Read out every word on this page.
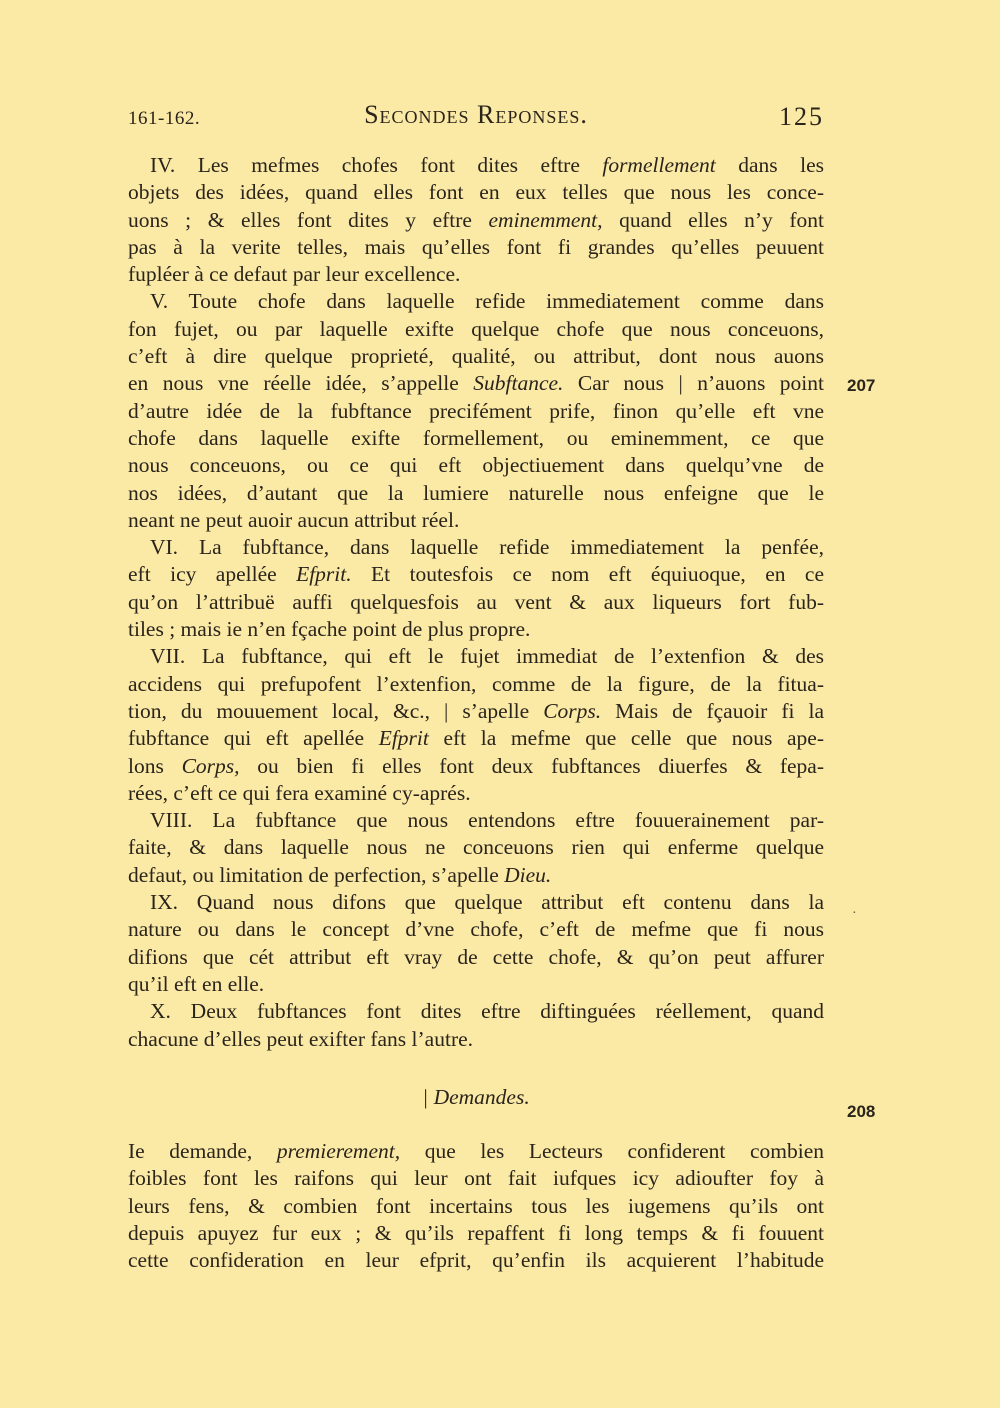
161-162.	Secondes Reponses.	125
IV. Les mefmes chofes font dites eftre formellement dans les
objets des idées, quand elles font en eux telles que nous les conce-
uons ; & elles font dites y eftre eminemment, quand elles n’y font
pas à la verite telles, mais qu’elles font fi grandes qu’elles peuuent
fupléer à ce defaut par leur excellence.
V. Toute chofe dans laquelle refide immediatement comme dans
fon fujet, ou par laquelle exifte quelque chofe que nous conceuons,
c’eft à dire quelque proprieté, qualité, ou attribut, dont nous auons
en nous vne réelle idée, s’appelle Subftance. Car nous | n’auons point
d’autre idée de la fubftance precifément prife, finon qu’elle eft vne
chofe dans laquelle exifte formellement, ou eminemment, ce que
nous conceuons, ou ce qui eft objectiuement dans quelqu’vne de
nos idées, d’autant que la lumiere naturelle nous enfeigne que le
neant ne peut auoir aucun attribut réel.
VI. La fubftance, dans laquelle refide immediatement la penfée,
eft icy apellée Efprit. Et toutesfois ce nom eft équiuoque, en ce
qu’on l’attribuë auffi quelquesfois au vent & aux liqueurs fort fub-
tiles ; mais ie n’en fçache point de plus propre.
VII. La fubftance, qui eft le fujet immediat de l’extenfion & des
accidens qui prefupofent l’extenfion, comme de la figure, de la fitua-
tion, du mouuement local, &c., | s’apelle Corps. Mais de fçauoir fi la
fubftance qui eft apellée Efprit eft la mefme que celle que nous ape-
lons Corps, ou bien fi elles font deux fubftances diuerfes & fepa-
rées, c’eft ce qui fera examiné cy-aprés.
VIII. La fubftance que nous entendons eftre fouuerainement par-
faite, & dans laquelle nous ne conceuons rien qui enferme quelque
defaut, ou limitation de perfection, s’apelle Dieu.
IX. Quand nous difons que quelque attribut eft contenu dans la
nature ou dans le concept d’vne chofe, c’eft de mefme que fi nous
difions que cét attribut eft vray de cette chofe, & qu’on peut affurer
qu’il eft en elle.
X. Deux fubftances font dites eftre diftinguées réellement, quand
chacune d’elles peut exifter fans l’autre.
| Demandes.
Ie demande, premierement, que les Lecteurs confiderent combien
foibles font les raifons qui leur ont fait iufques icy adioufter foy à
leurs fens, & combien font incertains tous les iugemens qu’ils ont
depuis apuyez fur eux ; & qu’ils repaffent fi long temps & fi fouuent
cette confideration en leur efprit, qu’enfin ils acquierent l’habitude
207
208
·
